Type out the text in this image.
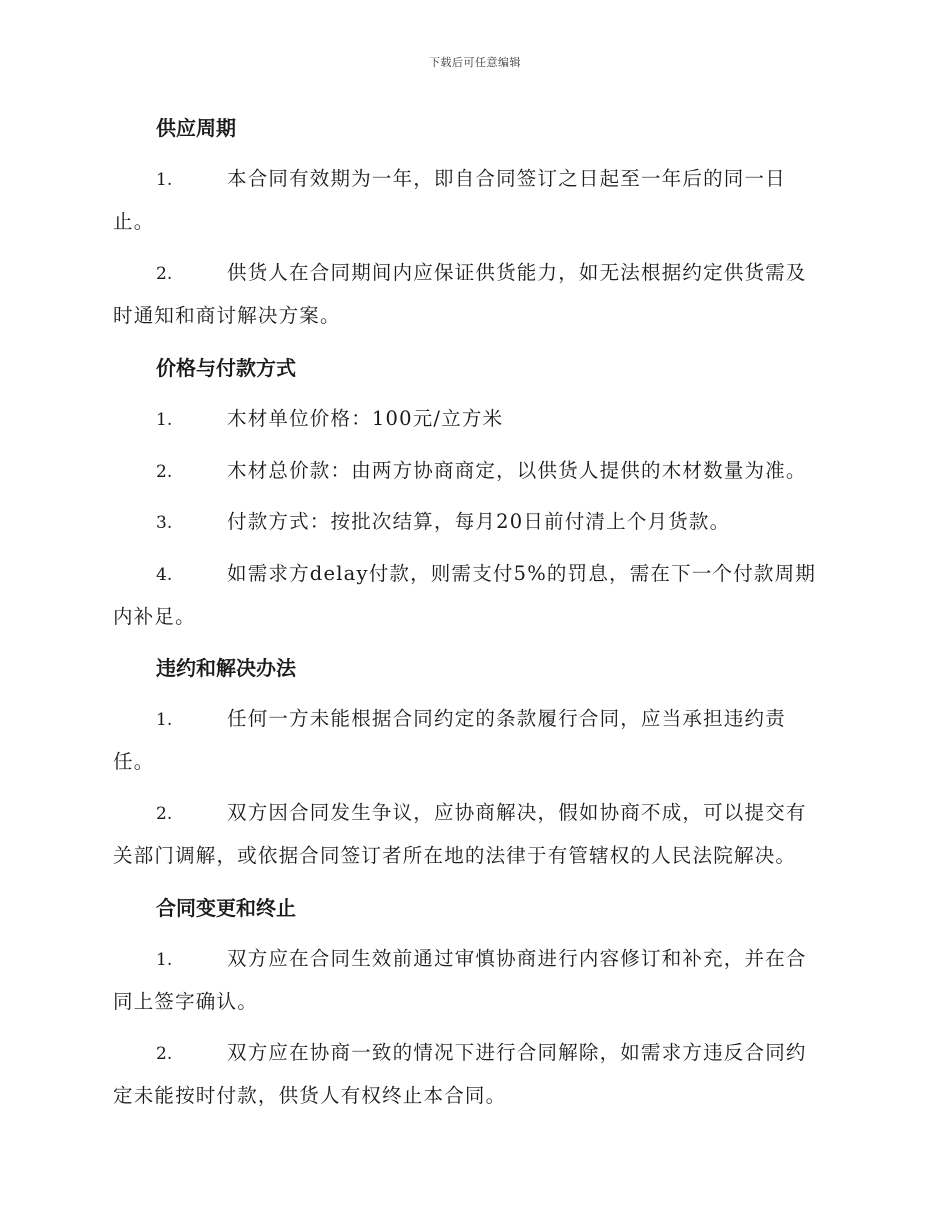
下载后可任意编辑
供应周期
1.	本合同有效期为一年，即自合同签订之日起至一年后的同一日
止。
2.	供货人在合同期间内应保证供货能力，如无法根据约定供货需及
时通知和商讨解决方案。
价格与付款方式
1.	木材单位价格：100元/立方米
2.	木材总价款：由两方协商商定，以供货人提供的木材数量为准。
3.	付款方式：按批次结算，每月20日前付清上个月货款。
4.	如需求方delay付款，则需支付5%的罚息，需在下一个付款周期
内补足。
违约和解决办法
1.	任何一方未能根据合同约定的条款履行合同，应当承担违约责
任。
2.	双方因合同发生争议，应协商解决，假如协商不成，可以提交有
关部门调解，或依据合同签订者所在地的法律于有管辖权的人民法院解决。
合同变更和终止
1.	双方应在合同生效前通过审慎协商进行内容修订和补充，并在合
同上签字确认。
2.	双方应在协商一致的情况下进行合同解除，如需求方违反合同约
定未能按时付款，供货人有权终止本合同。
